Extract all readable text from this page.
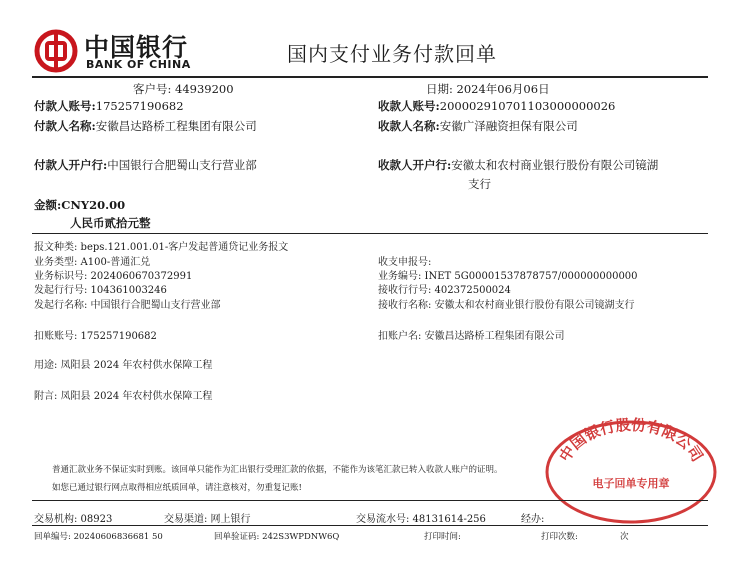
中国银行
BANK OF CHINA	国内支付业务付款回单
客户号: 44939200	日期: 2024年06月06日
付款人账号:175257190682
付款人名称:安徽昌达路桥工程集团有限公司
付款人开户行:中国银行合肥蜀山支行营业部
收款人账号:200002910701103000000026
收款人名称:安徽广泽融资担保有限公司
收款人开户行:安徽太和农村商业银行股份有限公司镜湖
支行
金额:CNY20.00
人民币贰拾元整
报文种类: beps.121.001.01-客户发起普通贷记业务报文
业务类型: A100-普通汇兑
业务标识号: 2024060670372991
发起行行号: 104361003246
发起行名称: 中国银行合肥蜀山支行营业部
收支申报号:
业务编号: INET 5G00001537878757/000000000000
接收行行号: 402372500024
接收行名称: 安徽太和农村商业银行股份有限公司镜湖支行
扣账账号: 175257190682	扣账户名: 安徽昌达路桥工程集团有限公司
用途: 凤阳县 2024 年农村供水保障工程
附言: 凤阳县 2024 年农村供水保障工程
中国银行股份有限公司
电子回单专用章
普通汇款业务不保证实时到账。该回单只能作为汇出银行受理汇款的依据，不能作为该笔汇款已转入收款人账户的证明。
如您已通过银行网点取得相应纸质回单，请注意核对，勿重复记账!
交易机构: 08923	交易渠道: 网上银行	交易流水号: 48131614-256	经办:
回单编号: 20240606836681 50	回单验证码: 242S3WPDNW6Q	打印时间:	打印次数:	次
